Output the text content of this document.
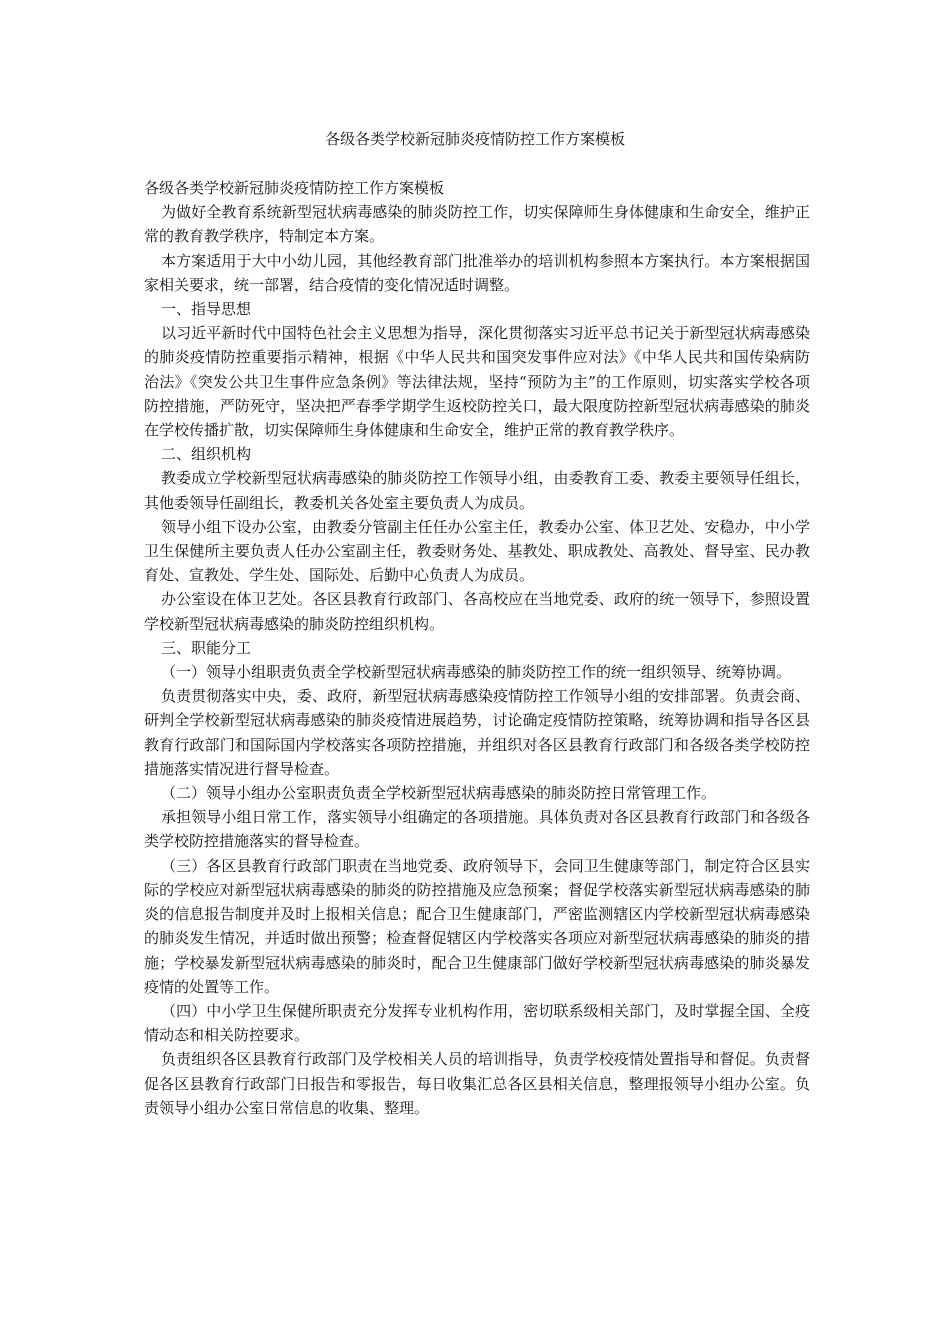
各级各类学校新冠肺炎疫情防控工作方案模板

各级各类学校新冠肺炎疫情防控工作方案模板

为做好全教育系统新型冠状病毒感染的肺炎防控工作，切实保障师生身体健康和生命安全，维护正常的教育教学秩序，特制定本方案。

本方案适用于大中小幼儿园，其他经教育部门批准举办的培训机构参照本方案执行。本方案根据国家相关要求，统一部署，结合疫情的变化情况适时调整。

一、指导思想

以习近平新时代中国特色社会主义思想为指导，深化贯彻落实习近平总书记关于新型冠状病毒感染的肺炎疫情防控重要指示精神，根据《中华人民共和国突发事件应对法》《中华人民共和国传染病防治法》《突发公共卫生事件应急条例》等法律法规，坚持“预防为主”的工作原则，切实落实学校各项防控措施，严防死守，坚决把严春季学期学生返校防控关口，最大限度防控新型冠状病毒感染的肺炎在学校传播扩散，切实保障师生身体健康和生命安全，维护正常的教育教学秩序。

二、组织机构

教委成立学校新型冠状病毒感染的肺炎防控工作领导小组，由委教育工委、教委主要领导任组长，其他委领导任副组长，教委机关各处室主要负责人为成员。

领导小组下设办公室，由教委分管副主任任办公室主任，教委办公室、体卫艺处、安稳办，中小学卫生保健所主要负责人任办公室副主任，教委财务处、基教处、职成教处、高教处、督导室、民办教育处、宣教处、学生处、国际处、后勤中心负责人为成员。

办公室设在体卫艺处。各区县教育行政部门、各高校应在当地党委、政府的统一领导下，参照设置学校新型冠状病毒感染的肺炎防控组织机构。

三、职能分工

（一）领导小组职责负责全学校新型冠状病毒感染的肺炎防控工作的统一组织领导、统筹协调。

负责贯彻落实中央，委、政府，新型冠状病毒感染疫情防控工作领导小组的安排部署。负责会商、研判全学校新型冠状病毒感染的肺炎疫情进展趋势，讨论确定疫情防控策略，统筹协调和指导各区县教育行政部门和国际国内学校落实各项防控措施，并组织对各区县教育行政部门和各级各类学校防控措施落实情况进行督导检查。

（二）领导小组办公室职责负责全学校新型冠状病毒感染的肺炎防控日常管理工作。

承担领导小组日常工作，落实领导小组确定的各项措施。具体负责对各区县教育行政部门和各级各类学校防控措施落实的督导检查。

（三）各区县教育行政部门职责在当地党委、政府领导下，会同卫生健康等部门，制定符合区县实际的学校应对新型冠状病毒感染的肺炎的防控措施及应急预案；督促学校落实新型冠状病毒感染的肺炎的信息报告制度并及时上报相关信息；配合卫生健康部门，严密监测辖区内学校新型冠状病毒感染的肺炎发生情况，并适时做出预警；检查督促辖区内学校落实各项应对新型冠状病毒感染的肺炎的措施；学校暴发新型冠状病毒感染的肺炎时，配合卫生健康部门做好学校新型冠状病毒感染的肺炎暴发疫情的处置等工作。

（四）中小学卫生保健所职责充分发挥专业机构作用，密切联系级相关部门，及时掌握全国、全疫情动态和相关防控要求。

负责组织各区县教育行政部门及学校相关人员的培训指导，负责学校疫情处置指导和督促。负责督促各区县教育行政部门日报告和零报告，每日收集汇总各区县相关信息，整理报领导小组办公室。负责领导小组办公室日常信息的收集、整理。
